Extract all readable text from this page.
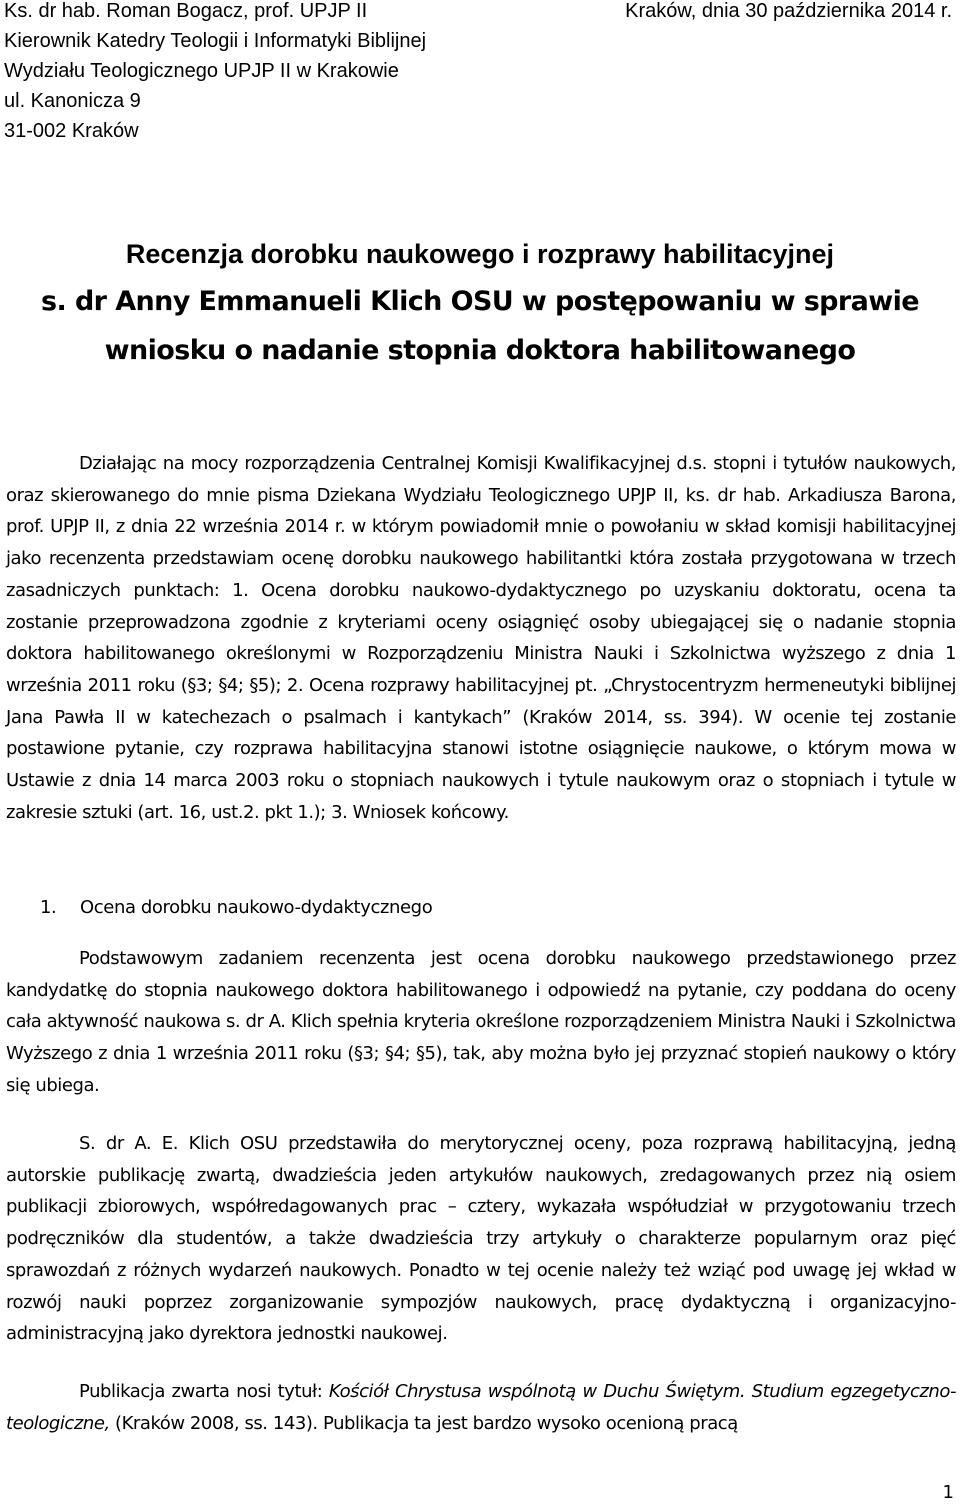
Ks. dr hab. Roman Bogacz, prof. UPJP II
Kierownik Katedry Teologii i Informatyki Biblijnej
Wydziału Teologicznego UPJP II w Krakowie
ul. Kanonicza 9
31-002 Kraków
Kraków, dnia 30 października 2014 r.
Recenzja dorobku naukowego i rozprawy habilitacyjnej
s. dr Anny Emmanueli Klich OSU w postępowaniu w sprawie
wniosku o nadanie stopnia doktora habilitowanego

Działając na mocy rozporządzenia Centralnej Komisji Kwalifikacyjnej d.s. stopni i tytułów naukowych, oraz skierowanego do mnie pisma Dziekana Wydziału Teologicznego UPJP II, ks. dr hab. Arkadiusza Barona, prof. UPJP II, z dnia 22 września 2014 r. w którym powiadomił mnie o powołaniu w skład komisji habilitacyjnej jako recenzenta przedstawiam ocenę dorobku naukowego habilitantki która została przygotowana w trzech zasadniczych punktach: 1. Ocena dorobku naukowo-dydaktycznego po uzyskaniu doktoratu, ocena ta zostanie przeprowadzona zgodnie z kryteriami oceny osiągnięć osoby ubiegającej się o nadanie stopnia doktora habilitowanego określonymi w Rozporządzeniu Ministra Nauki i Szkolnictwa wyższego z dnia 1 września 2011 roku (§3; §4; §5); 2. Ocena rozprawy habilitacyjnej pt. „Chrystocentryzm hermeneutyki biblijnej Jana Pawła II w katechezach o psalmach i kantykach” (Kraków 2014, ss. 394). W ocenie tej zostanie postawione pytanie, czy rozprawa habilitacyjna stanowi istotne osiągnięcie naukowe, o którym mowa w Ustawie z dnia 14 marca 2003 roku o stopniach naukowych i tytule naukowym oraz o stopniach i tytule w zakresie sztuki (art. 16, ust.2. pkt 1.); 3. Wniosek końcowy.

1. Ocena dorobku naukowo-dydaktycznego

Podstawowym zadaniem recenzenta jest ocena dorobku naukowego przedstawionego przez kandydatkę do stopnia naukowego doktora habilitowanego i odpowiedź na pytanie, czy poddana do oceny cała aktywność naukowa s. dr A. Klich spełnia kryteria określone rozporządzeniem Ministra Nauki i Szkolnictwa Wyższego z dnia 1 września 2011 roku (§3; §4; §5), tak, aby można było jej przyznać stopień naukowy o który się ubiega.

S. dr A. E. Klich OSU przedstawiła do merytorycznej oceny, poza rozprawą habilitacyjną, jedną autorskie publikację zwartą, dwadzieścia jeden artykułów naukowych, zredagowanych przez nią osiem publikacji zbiorowych, współredagowanych prac – cztery, wykazała współudział w przygotowaniu trzech podręczników dla studentów, a także dwadzieścia trzy artykuły o charakterze popularnym oraz pięć sprawozdań z różnych wydarzeń naukowych. Ponadto w tej ocenie należy też wziąć pod uwagę jej wkład w rozwój nauki poprzez zorganizowanie sympozjów naukowych, pracę dydaktyczną i organizacyjno-administracyjną jako dyrektora jednostki naukowej.

Publikacja zwarta nosi tytuł: Kościół Chrystusa wspólnotą w Duchu Świętym. Studium egzegetyczno-teologiczne, (Kraków 2008, ss. 143). Publikacja ta jest bardzo wysoko ocenioną pracą

1
